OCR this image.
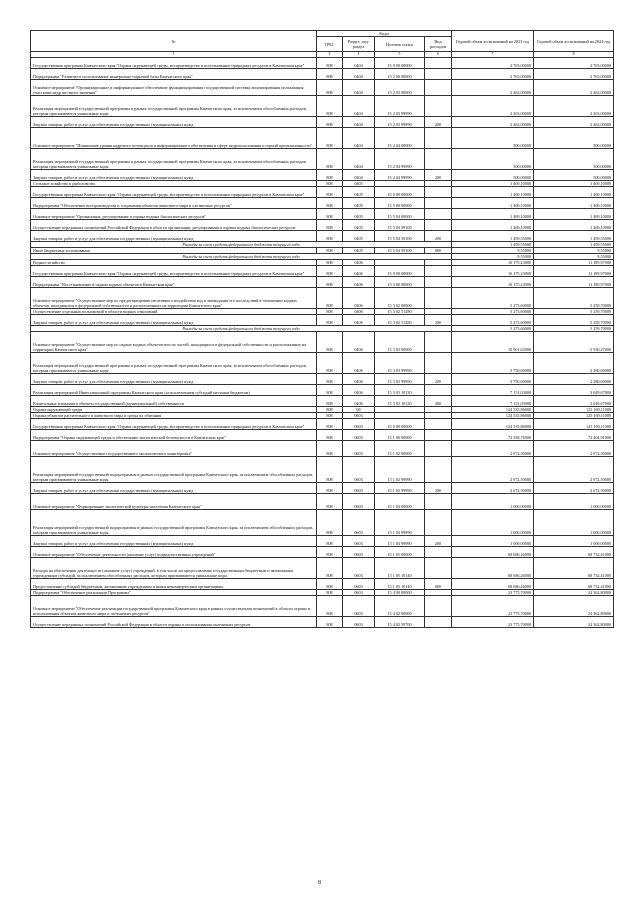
№	Коды				Годовой объем ассигнований на 2023 год	Годовой объем ассигнований на 2024 год
	ГРБС	Раздел, под-раздел	Целевая статья	Вид расходов		
1	3	4	5	6	7	8
Государственная программа Камчатского края "Охрана окружающей среды, воспроизводство и использование природных ресурсов в Камчатском крае"	808	0404	15 0 00 00000		2 763,00000	2 763,00000
Подпрограмма "Развитие и использование минерально-сырьевой базы Камчатского края"	808	0404	15 2 00 00000		2 763,00000	2 763,00000
Основное мероприятие "Организационное и информационное обеспечение функционирования государственной системы лицензирования пользования участками недр местного значения"	808	0404	15 2 03 00000		2 263,00000	2 263,00000
Реализация мероприятий государственной программы в рамках государственной программы Камчатского края, за исключением обособленных расходов, которым присваиваются уникальные коды	808	0404	15 2 03 99990		2 263,00000	2 263,00000
Закупка товаров, работ и услуг для обеспечения государственных (муниципальных) нужд	808	0404	15 2 03 99990	200	2 263,00000	2 263,00000
Основное мероприятие "Повышение уровня кадрового потенциала и информационного обеспечения в сфере недропользования и горной промышленности"	808	0404	15 2 04 00000		500,00000	500,00000
Реализация мероприятий государственной программы в рамках государственной программы Камчатского края, за исключением обособленных расходов, которым присваиваются уникальные коды	808	0404	15 2 04 99990		500,00000	500,00000
Закупка товаров, работ и услуг для обеспечения государственных (муниципальных) нужд	808	0404	15 2 04 99990	200	500,00000	500,00000
Сельское хозяйство и рыболовство	808	0405			1 469,10000	1 469,10000
Государственная программа Камчатского края "Охрана окружающей среды, воспроизводство и использование природных ресурсов в Камчатском крае"	808	0405	15 0 00 00000		1 469,10000	1 469,10000
Подпрограмма "Обеспечение воспроизводства и сохранения объектов животного мира и охотничьих ресурсов"	808	0405	15 5 00 00000		1 469,10000	1 469,10000
Основное мероприятие "Организация, регулирование и охрана водных биологических ресурсов"	808	0405	15 5 04 00000		1 469,10000	1 469,10000
Осуществление переданных полномочий Российской Федерации в области организации, регулирования и охраны водных биологических ресурсов	808	0405	15 5 04 59100		1 469,10000	1 469,10000
Закупка товаров, работ и услуг для обеспечения государственных (муниципальных) нужд	808	0405	15 5 04 59100	200	1 459,55000	1 459,55000
Расходы за счет средств федерального бюджета текущего года					1 459,55000	1 459,55000
Иные бюджетные ассигнования	808	0405	15 5 04 59100	800	9,55000	9,55000
Расходы за счет средств федерального бюджета текущего года					9,55000	9,55000
Водное хозяйство	808	0406			16 175,23000	11 189,97000
Государственная программа Камчатского края "Охрана окружающей среды, воспроизводство и использование природных ресурсов в Камчатском крае"	808	0406	15 0 00 00000		16 175,23000	11 189,97000
Подпрограмма "Восстановление и охрана водных объектов в Камчатском крае"	808	0406	15 3 00 00000		16 175,23000	11 189,97000
Основное мероприятие "Осуществление мер по предотвращению негативного воздействия вод и ликвидации его последствий в отношении водных объектов, находящихся в федеральной собственности и расположенных на территории Камчатского края"	808	0406	15 3 02 00000		5 273,60000	5 259,70000
Осуществление отдельных полномочий в области водных отношений	808	0406	15 3 02 51280		5 273,60000	5 259,70000
Закупка товаров, работ и услуг для обеспечения государственных (муниципальных) нужд	808	0406	15 3 02 51280	200	5 273,60000	5 259,70000
Расходы за счет средств федерального бюджета текущего года					5 273,60000	5 259,70000
Основное мероприятие "Осуществление мер по охране водных объектов или их частей, находящихся в федеральной собственности и расположенных на территории Камчатского края"	808	0406	15 3 03 00000		10 901,63000	5 930,27000
Реализация мероприятий государственной программы в рамках государственной программы Камчатского края, за исключением обособленных расходов, которым присваиваются уникальные коды	808	0406	15 3 03 99990		3 750,60000	2 280,60000
Закупка товаров, работ и услуг для обеспечения государственных (муниципальных) нужд	808	0406	15 3 03 99990	200	3 750,60000	2 280,60000
Реализация мероприятий Инвестиционной программы Камчатского края (за исключением субсидий местным бюджетам)	808	0406	15 3 03 10130		7 151,03000	3 649,67000
Капитальные вложения в объекты государственной (муниципальной) собственности	808	0406	15 3 03 10130	400	7 151,03000	3 649,67000
Охрана окружающей среды	808	06			124 535,86000	125 169,11000
Охрана объектов растительного и животного мира и среды их обитания	808	0603			124 535,86000	125 169,11000
Государственная программа Камчатского края "Охрана окружающей среды, воспроизводство и использование природных ресурсов в Камчатском крае"	808	0603	15 0 00 00000		124 535,86000	125 169,11000
Подпрограмма "Охрана окружающей среды и обеспечение экологической безопасности в Камчатском крае"	808	0603	15 1 00 00000		72 358,76000	72 404,91000
Основное мероприятие "Осуществление государственного экологического мониторинга"	808	0603	15 1 02 00000		2 672,50000	2 672,50000
Реализация мероприятий государственной подпрограммы в рамках государственной программы Камчатского края, за исключением обособленных расходов, которым присваиваются уникальные коды	808	0603	15 1 02 99990		2 672,50000	2 672,50000
Закупка товаров, работ и услуг для обеспечения государственных (муниципальных) нужд	808	0603	15 1 02 99990	200	2 672,50000	2 672,50000
Основное мероприятие "Формирование экологической культуры населения Камчатского края"	808	0603	15 1 04 00000		1 000,00000	1 000,00000
Реализация мероприятий государственной подпрограммы в рамках государственной программы Камчатского края, за исключением обособленных расходов, которым присваиваются уникальные коды	808	0603	15 1 04 99990		1 000,00000	1 000,00000
Закупка товаров, работ и услуг для обеспечения государственных (муниципальных) нужд	808	0603	15 1 04 99990	200	1 000,00000	1 000,00000
Основное мероприятие "Обеспечение деятельности (оказание услуг) подведомственных учреждений"	808	0603	15 1 05 00000		68 686,26000	68 732,41000
Расходы на обеспечение деятельности (оказание услуг) учреждений, в том числе на предоставление государственным бюджетным и автономным учреждениям субсидий, за исключением обособленных расходов, которым присваиваются уникальные коды	808	0603	15 1 05 10140		68 686,26000	68 732,41000
Предоставление субсидий бюджетным, автономным учреждениям и иным некоммерческим организациям	808	0603	15 1 05 10140	600	68 686,26000	68 732,41000
Подпрограмма "Обеспечение реализации Программы"	808	0603	15 4 00 00000		23 775,70000	24 362,80000
Основное мероприятие "Обеспечение реализации государственной программы Камчатского края в рамках осуществления полномочий в области охраны и использования объектов животного мира и охотничьих ресурсов"	808	0603	15 4 02 00000		23 775,70000	24 362,80000
Осуществление переданных полномочий Российской Федерации в области охраны и использования охотничьих ресурсов	808	0603	15 4 02 59700		23 775,70000	24 362,80000
8
